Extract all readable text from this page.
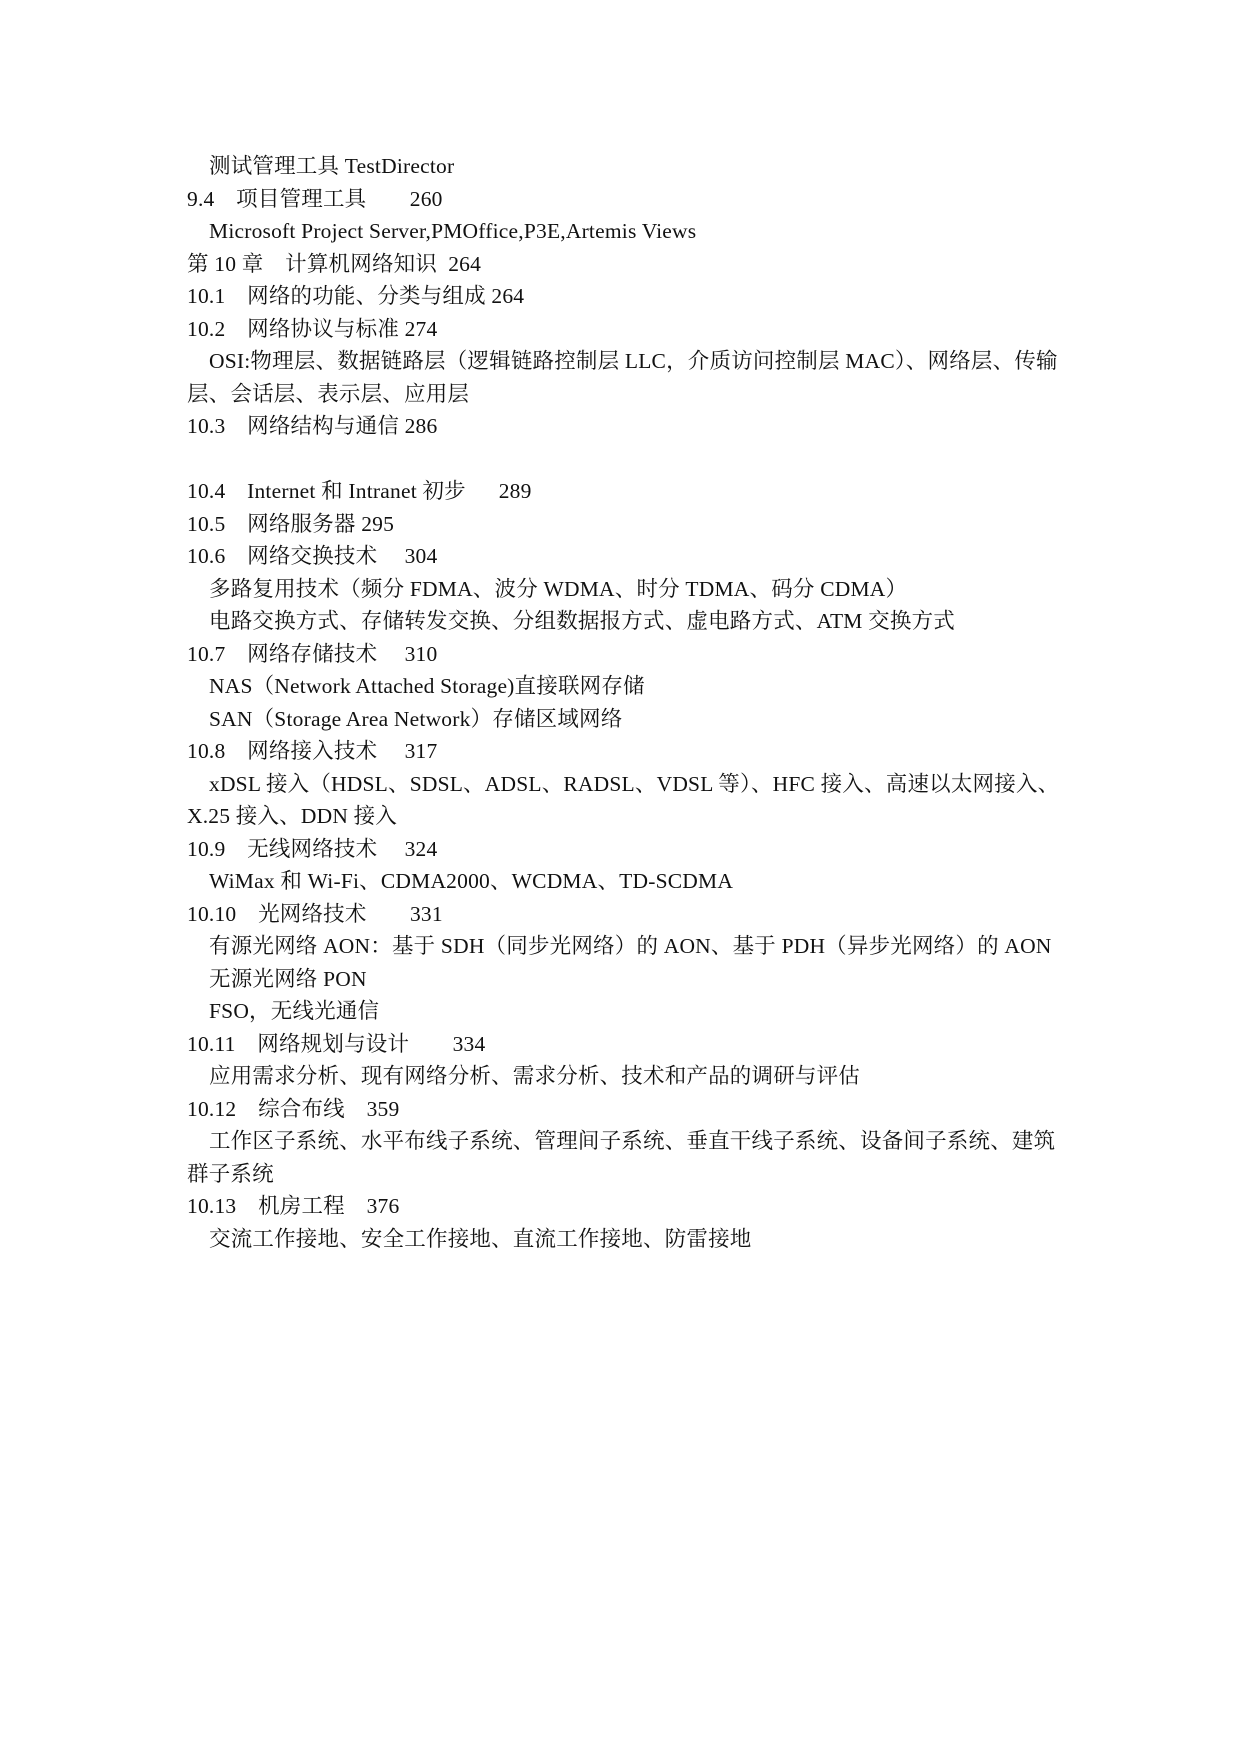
测试管理工具 TestDirector
9.4　项目管理工具　　260
Microsoft Project Server,PMOffice,P3E,Artemis Views
第 10 章　计算机网络知识  264
10.1　网络的功能、分类与组成 264
10.2　网络协议与标准 274
OSI:物理层、数据链路层（逻辑链路控制层 LLC，介质访问控制层 MAC）、网络层、传输层、会话层、表示层、应用层
10.3　网络结构与通信 286
10.4　Internet 和 Intranet 初步　  289
10.5　网络服务器 295
10.6　网络交换技术　 304
多路复用技术（频分 FDMA、波分 WDMA、时分 TDMA、码分 CDMA）
电路交换方式、存储转发交换、分组数据报方式、虚电路方式、ATM 交换方式
10.7　网络存储技术　 310
NAS（Network Attached Storage)直接联网存储
SAN（Storage Area Network）存储区域网络
10.8　网络接入技术　 317
xDSL 接入（HDSL、SDSL、ADSL、RADSL、VDSL 等）、HFC 接入、高速以太网接入、X.25 接入、DDN 接入
10.9　无线网络技术　 324
WiMax 和 Wi-Fi、CDMA2000、WCDMA、TD-SCDMA
10.10　光网络技术　　331
有源光网络 AON：基于 SDH（同步光网络）的 AON、基于 PDH（异步光网络）的 AON
无源光网络 PON
FSO，无线光通信
10.11　网络规划与设计　　334
应用需求分析、现有网络分析、需求分析、技术和产品的调研与评估
10.12　综合布线　359
工作区子系统、水平布线子系统、管理间子系统、垂直干线子系统、设备间子系统、建筑群子系统
10.13　机房工程　376
交流工作接地、安全工作接地、直流工作接地、防雷接地
